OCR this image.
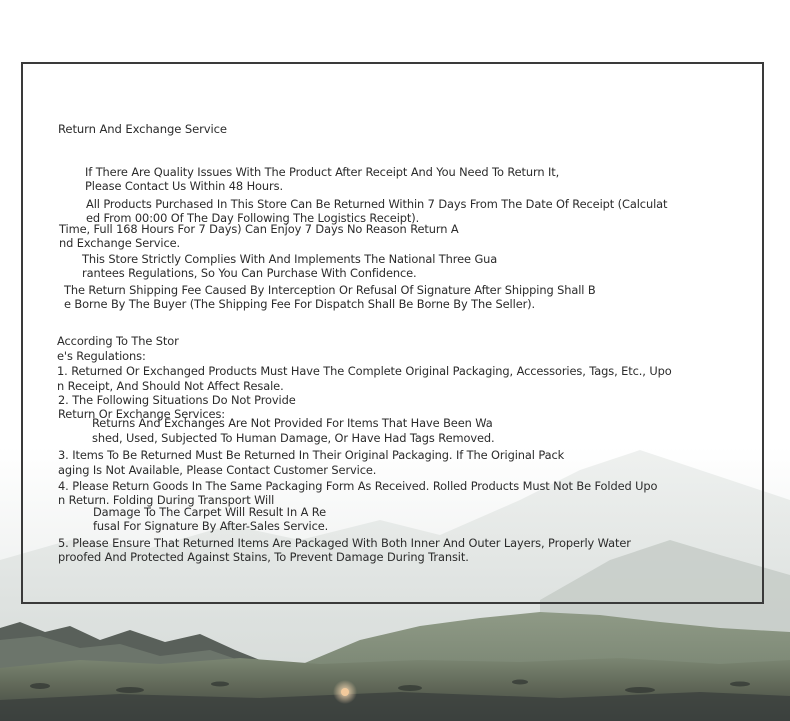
Return And Exchange Service
If There Are Quality Issues With The Product After Receipt And You Need To Return It,
Please Contact Us Within 48 Hours.
All Products Purchased In This Store Can Be Returned Within 7 Days From The Date Of Receipt (Calculat
ed From 00:00 Of The Day Following The Logistics Receipt).
Time, Full 168 Hours For 7 Days) Can Enjoy 7 Days No Reason Return A
nd Exchange Service.
This Store Strictly Complies With And Implements The National Three Gua
rantees Regulations, So You Can Purchase With Confidence.
The Return Shipping Fee Caused By Interception Or Refusal Of Signature After Shipping Shall B
e Borne By The Buyer (The Shipping Fee For Dispatch Shall Be Borne By The Seller).
According To The Stor
e's Regulations:
1. Returned Or Exchanged Products Must Have The Complete Original Packaging, Accessories, Tags, Etc., Upo
n Receipt, And Should Not Affect Resale.
2. The Following Situations Do Not Provide
Return Or Exchange Services:
Returns And Exchanges Are Not Provided For Items That Have Been Wa
shed, Used, Subjected To Human Damage, Or Have Had Tags Removed.
3. Items To Be Returned Must Be Returned In Their Original Packaging. If The Original Pack
aging Is Not Available, Please Contact Customer Service.
4. Please Return Goods In The Same Packaging Form As Received. Rolled Products Must Not Be Folded Upo
n Return. Folding During Transport Will
Damage To The Carpet Will Result In A Re
fusal For Signature By After-Sales Service.
5. Please Ensure That Returned Items Are Packaged With Both Inner And Outer Layers, Properly Water
proofed And Protected Against Stains, To Prevent Damage During Transit.
